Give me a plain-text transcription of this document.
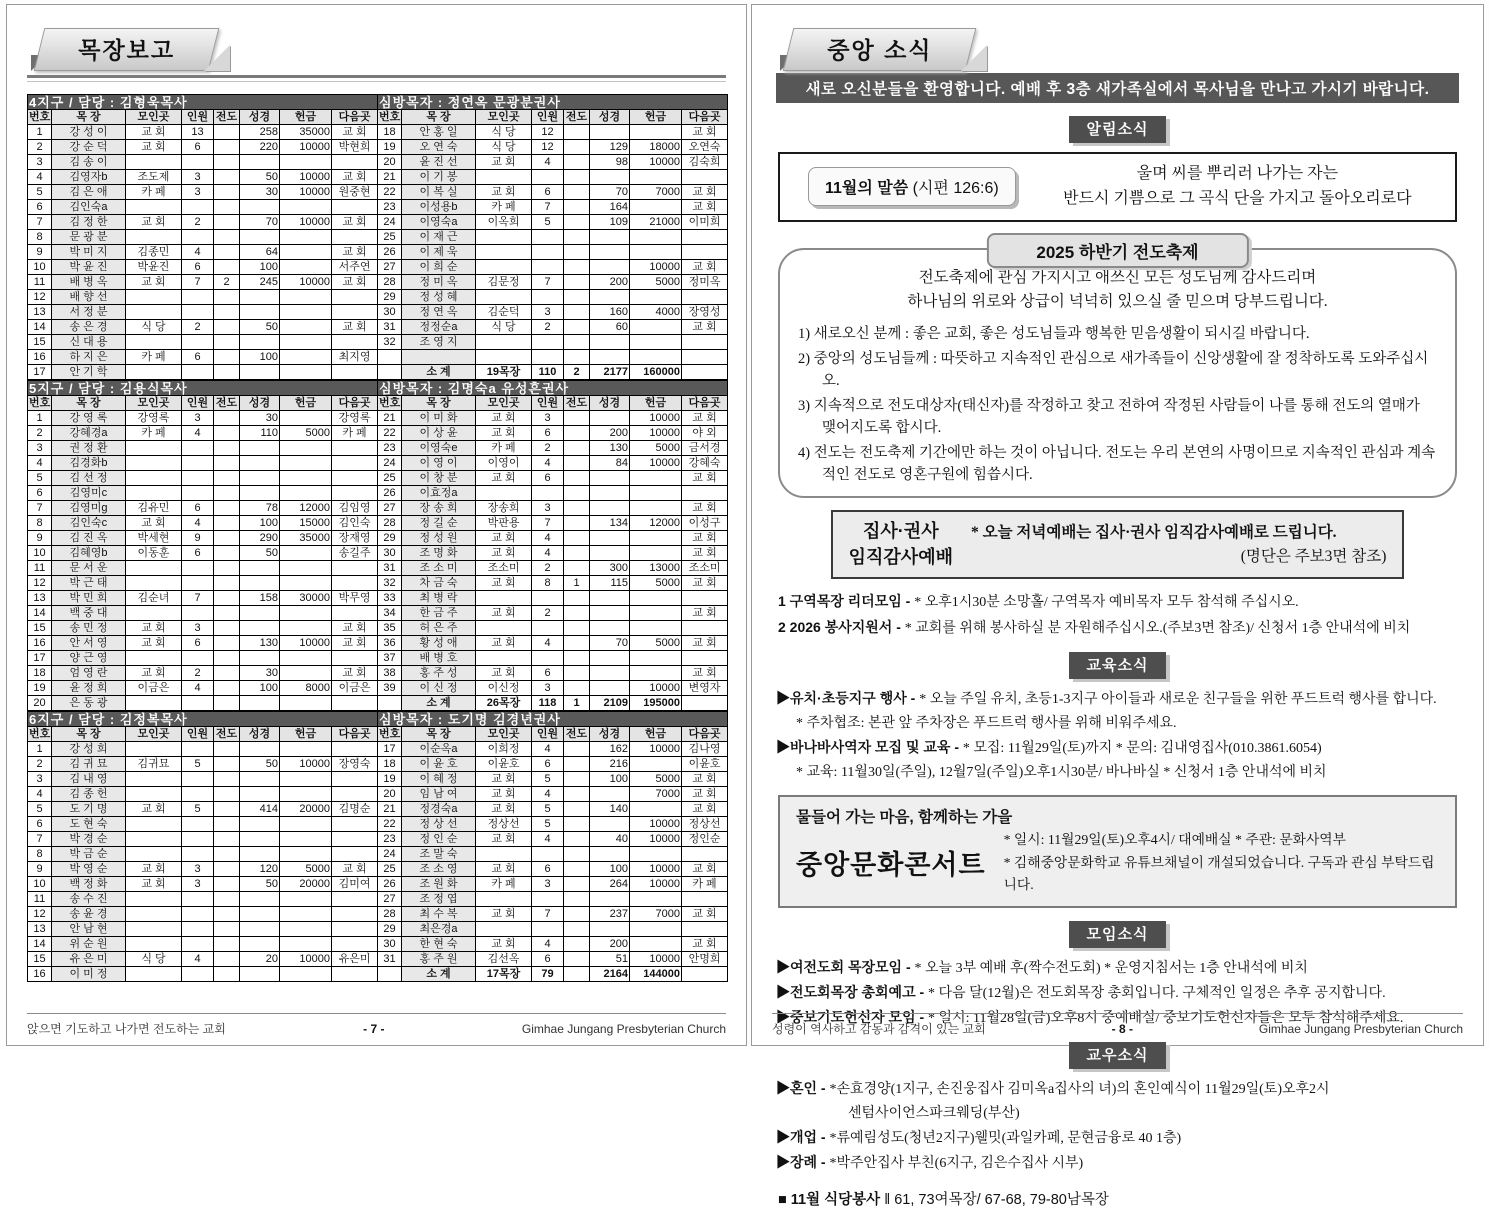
목장보고
4지구 / 담당 : 김형욱목사								심방목자 : 정연옥 문광분권사							
번호	목 장	모인곳	인원	전도	성경	헌금	다음곳	번호	목 장	모인곳	인원	전도	성경	헌금	다음곳
1	강 성 이	교 회	13		258	35000	교 회	18	안 홍 일	식 당	12				교 회
2	강 순 덕	교 회	6		220	10000	박현희	19	오 연 숙	식 당	12		129	18000	오연숙
3	김 송 이							20	윤 진 선	교 회	4		98	10000	김숙희
4	김영자b	조도제	3		50	10000	교 회	21	이 기 봉						
5	김 은 애	카 페	3		30	10000	원중현	22	이 복 실	교 회	6		70	7000	교 회
6	김인숙a							23	이성용b	카 페	7		164		교 회
7	김 정 한	교 회	2		70	10000	교 회	24	이영숙a	이옥희	5		109	21000	이미희
8	문 광 분							25	이 재 근						
9	박 미 지	김종민	4		64		교 회	26	이 제 욱						
10	박 윤 진	박윤진	6		100		서주연	27	이 희 순					10000	교 회
11	배 병 옥	교 회	7	2	245	10000	교 회	28	정 미 옥	김문정	7		200	5000	정미옥
12	배 향 선							29	정 성 혜						
13	서 정 분							30	정 연 옥	김순덕	3		160	4000	장영성
14	송 은 경	식 당	2		50		교 회	31	정정순a	식 당	2		60		교 회
15	신 대 용							32	조 영 지						
16	하 지 은	카 페	6		100		최지영								
17	안 기 학								소 계	19목장	110	2	2177	160000	
5지구 / 담당 : 김용식목사								심방목자 : 김명숙a 유성흔권사							
번호	목 장	모인곳	인원	전도	성경	헌금	다음곳	번호	목 장	모인곳	인원	전도	성경	헌금	다음곳
1	강 영 록	강영록	3		30		강영록	21	이 미 화	교 회	3			10000	교 회
2	강혜경a	카 페	4		110	5000	카 페	22	이 상 윤	교 회	6		200	10000	야 외
3	권 정 환							23	이영숙e	카 페	2		130	5000	금서경
4	김경화b							24	이 영 이	이영이	4		84	10000	강혜숙
5	김 선 정							25	이 창 분	교 회	6				교 회
6	김영미c							26	이효정a						
7	김영미g	김유민	6		78	12000	김임영	27	장 송 희	장송희	3				교 회
8	김인숙c	교 회	4		100	15000	김인숙	28	정 길 순	박판용	7		134	12000	이성구
9	김 진 옥	박세현	9		290	35000	장재영	29	정 성 원	교 회	4				교 회
10	김혜영b	이동훈	6		50		송길주	30	조 명 화	교 회	4				교 회
11	문 서 운							31	조 소 미	조소미	2		300	13000	조소미
12	박 근 태							32	차 금 숙	교 회	8	1	115	5000	교 회
13	박 민 희	김순녀	7		158	30000	박무영	33	최 병 락						
14	백 중 대							34	한 금 주	교 회	2				교 회
15	송 민 정	교 회	3				교 회	35	허 은 주						
16	안 서 영	교 회	6		130	10000	교 회	36	황 성 애	교 회	4		70	5000	교 회
17	양 근 영							37	배 병 호						
18	엄 영 란	교 회	2		30		교 회	38	홍 주 성	교 회	6				교 회
19	윤 정 희	이금은	4		100	8000	이금은	39	이 신 정	이신정	3			10000	변영자
20	은 동 광								소 계	26목장	118	1	2109	195000	
6지구 / 담당 : 김정복목사								심방목자 : 도기명 김경년권사							
번호	목 장	모인곳	인원	전도	성경	헌금	다음곳	번호	목 장	모인곳	인원	전도	성경	헌금	다음곳
1	강 성 희							17	이순옥a	이희정	4		162	10000	김나영
2	김 귀 묘	김귀묘	5		50	10000	장영숙	18	이 윤 호	이윤호	6		216		이윤호
3	김 내 영							19	이 혜 정	교 회	5		100	5000	교 회
4	김 종 헌							20	임 남 여	교 회	4			7000	교 회
5	도 기 명	교 회	5		414	20000	김명순	21	정경숙a	교 회	5		140		교 회
6	도 현 숙							22	정 상 선	정상선	5			10000	정상선
7	박 경 순							23	정 인 순	교 회	4		40	10000	정인순
8	박 금 순							24	조 말 숙						
9	박 영 순	교 회	3		120	5000	교 회	25	조 소 영	교 회	6		100	10000	교 회
10	백 정 화	교 회	3		50	20000	김미여	26	조 원 화	카 페	3		264	10000	카 페
11	송 수 진							27	조 정 엽						
12	송 윤 경							28	최 수 복	교 회	7		237	7000	교 회
13	안 남 현							29	최은경a						
14	위 순 원							30	한 현 숙	교 회	4		200		교 회
15	유 은 미	식 당	4		20	10000	유은미	31	홍 주 원	김선옥	6		51	10000	안명희
16	이 미 정								소 계	17목장	79		2164	144000	
앉으면 기도하고 나가면 전도하는 교회	- 7 -	Gimhae Jungang Presbyterian Church
중앙 소식
새로 오신분들을 환영합니다. 예배 후 3층 새가족실에서 목사님을 만나고 가시기 바랍니다.
알림소식
11월의 말씀 (시편 126:6)
울며 씨를 뿌리러 나가는 자는
반드시 기쁨으로 그 곡식 단을 가지고 돌아오리로다
2025 하반기 전도축제
전도축제에 관심 가지시고 애쓰신 모든 성도님께 감사드리며
하나님의 위로와 상급이 넉넉히 있으실 줄 믿으며 당부드립니다.
1) 새로오신 분께 : 좋은 교회, 좋은 성도님들과 행복한 믿음생활이 되시길 바랍니다.
2) 중앙의 성도님들께 : 따뜻하고 지속적인 관심으로 새가족들이 신앙생활에 잘 정착하도록 도와주십시오.
3) 지속적으로 전도대상자(태신자)를 작정하고 찾고 전하여 작정된 사람들이 나를 통해 전도의 열매가 맺어지도록 합시다.
4) 전도는 전도축제 기간에만 하는 것이 아닙니다. 전도는 우리 본연의 사명이므로 지속적인 관심과 계속적인 전도로 영혼구원에 힘씁시다.
집사·권사
임직감사예배
* 오늘 저녁예배는 집사·권사 임직감사예배로 드립니다.
(명단은 주보3면 참조)
1 구역목장 리더모임 - * 오후1시30분 소망홀/ 구역목자 예비목자 모두 참석해 주십시오.
2 2026 봉사지원서 - * 교회를 위해 봉사하실 분 자원해주십시오.(주보3면 참조)/ 신청서 1층 안내석에 비치
교육소식
▶유치·초등지구 행사 - * 오늘 주일 유치, 초등1-3지구 아이들과 새로운 친구들을 위한 푸드트럭 행사를 합니다.
* 주차협조: 본관 앞 주차장은 푸드트럭 행사를 위해 비워주세요.
▶바나바사역자 모집 및 교육 - * 모집: 11월29일(토)까지 * 문의: 김내영집사(010.3861.6054)
* 교육: 11월30일(주일), 12월7일(주일)오후1시30분/ 바나바실 * 신청서 1층 안내석에 비치
물들어 가는 마음, 함께하는 가을
중앙문화콘서트
* 일시: 11월29일(토)오후4시/ 대예배실 * 주관: 문화사역부
* 김해중앙문화학교 유튜브채널이 개설되었습니다. 구독과 관심 부탁드립니다.
모임소식
▶여전도회 목장모임 - * 오늘 3부 예배 후(짝수전도회) * 운영지침서는 1층 안내석에 비치
▶전도회목장 총회예고 - * 다음 달(12월)은 전도회목장 총회입니다. 구체적인 일정은 추후 공지합니다.
▶중보기도헌신자 모임 - * 일시: 11월28일(금)오후8시 중예배실/ 중보기도헌신자들은 모두 참석해주세요.
교우소식
▶혼인 - *손효경양(1지구, 손진웅집사 김미옥a집사의 녀)의 혼인예식이 11월29일(토)오후2시
센텀사이언스파크웨딩(부산)
▶개업 - *류예림성도(청년2지구)웰밋(과일카페, 문현금융로 40 1층)
▶장례 - *박주안집사 부친(6지구, 김은수집사 시부)
■ 11월 식당봉사 ‖ 61, 73여목장/ 67-68, 79-80남목장
성령이 역사하고 감동과 감격이 있는 교회	- 8 -	Gimhae Jungang Presbyterian Church
